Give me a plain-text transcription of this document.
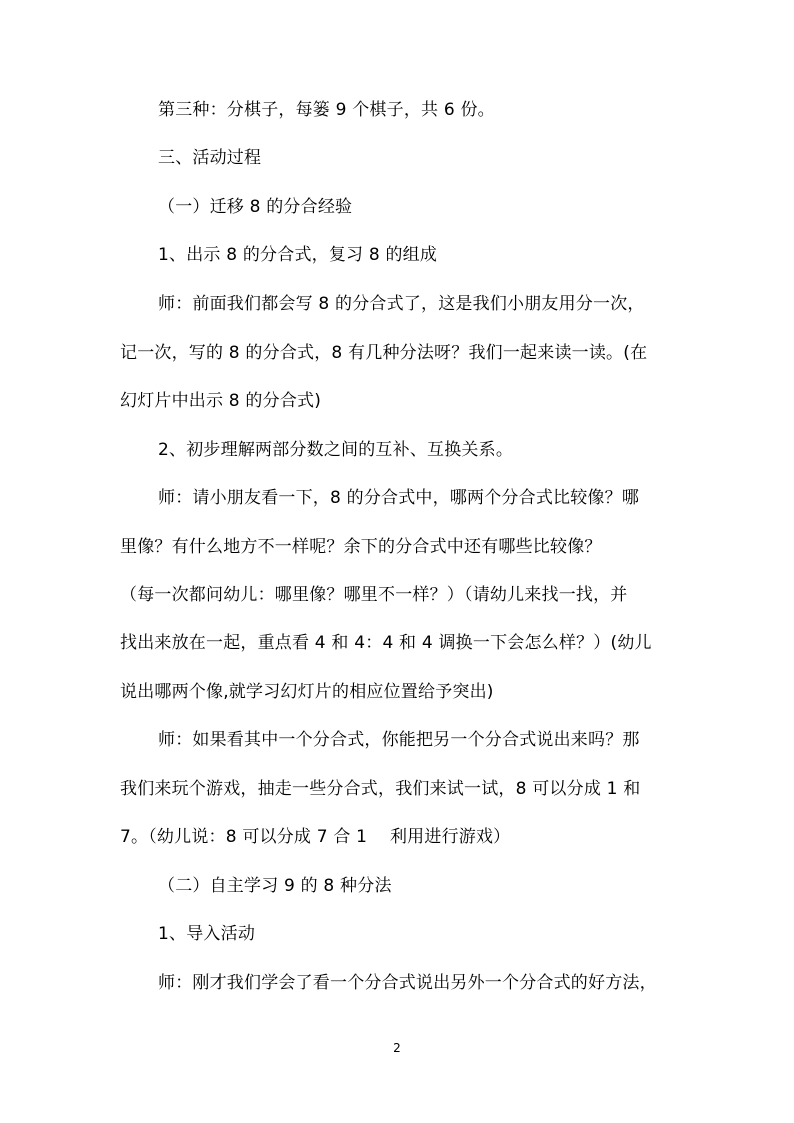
第三种：分棋子，每篓 9 个棋子，共 6 份。
三、活动过程
（一）迁移 8 的分合经验
1、出示 8 的分合式，复习 8 的组成
师：前面我们都会写 8 的分合式了，这是我们小朋友用分一次，
记一次，写的 8 的分合式，8 有几种分法呀？我们一起来读一读。(在
幻灯片中出示 8 的分合式)
2、初步理解两部分数之间的互补、互换关系。
师：请小朋友看一下，8 的分合式中，哪两个分合式比较像？哪
里像？有什么地方不一样呢？余下的分合式中还有哪些比较像？
（每一次都问幼儿：哪里像？哪里不一样？）（请幼儿来找一找，并
找出来放在一起，重点看 4 和 4：4 和 4 调换一下会怎么样？）(幼儿
说出哪两个像,就学习幻灯片的相应位置给予突出)
师：如果看其中一个分合式，你能把另一个分合式说出来吗？那
我们来玩个游戏，抽走一些分合式，我们来试一试，8 可以分成 1 和
7。（幼儿说：8 可以分成 7 合 1　 利用进行游戏）
（二）自主学习 9 的 8 种分法
1、导入活动
师：刚才我们学会了看一个分合式说出另外一个分合式的好方法，
2
